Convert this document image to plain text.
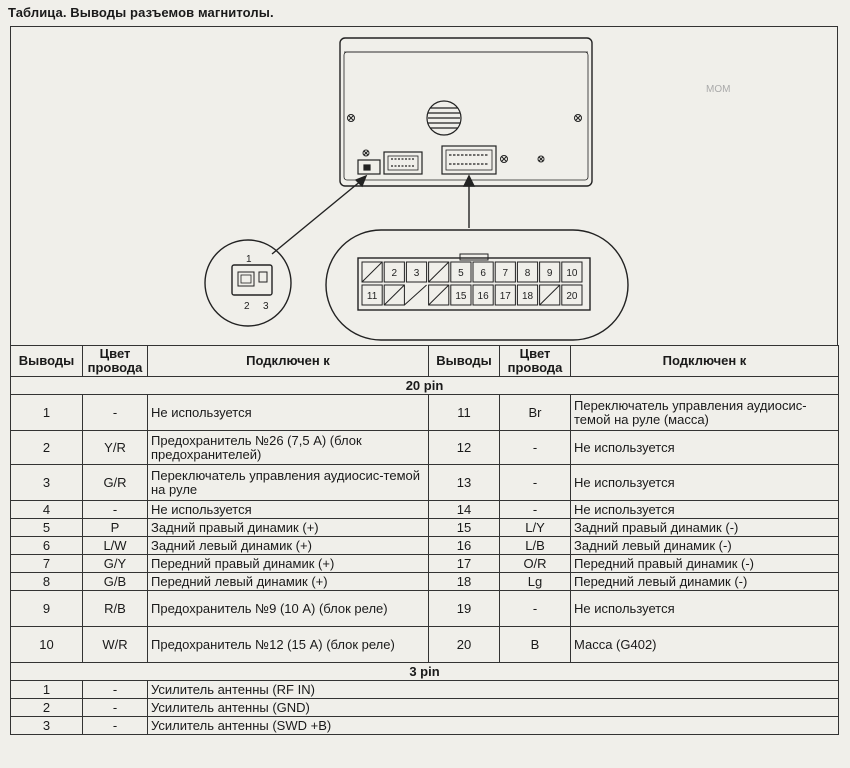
Таблица. Выводы разъемов магнитолы.
МОМ
2 3	5 6 7 8 9 10
11	15 16 17 18	20
1
2 3
Выводы	Цвет провода	Подключен к	Выводы	Цвет провода	Подключен к
20 pin					
1	-	Не используется	11	Br	Переключатель управления аудиосис-темой на руле (масса)
2	Y/R	Предохранитель №26 (7,5 А) (блок предохранителей)	12	-	Не используется
3	G/R	Переключатель управления аудиосис-темой на руле	13	-	Не используется
4	-	Не используется	14	-	Не используется
5	P	Задний правый динамик (+)	15	L/Y	Задний правый динамик (-)
6	L/W	Задний левый динамик (+)	16	L/B	Задний левый динамик (-)
7	G/Y	Передний правый динамик (+)	17	O/R	Передний правый динамик (-)
8	G/B	Передний левый динамик (+)	18	Lg	Передний левый динамик (-)
9	R/B	Предохранитель №9 (10 А) (блок реле)	19	-	Не используется
10	W/R	Предохранитель №12 (15 А) (блок реле)	20	B	Масса (G402)
3 pin					
1	-	Усилитель антенны (RF IN)			
2	-	Усилитель антенны (GND)			
3	-	Усилитель антенны (SWD +B)			
